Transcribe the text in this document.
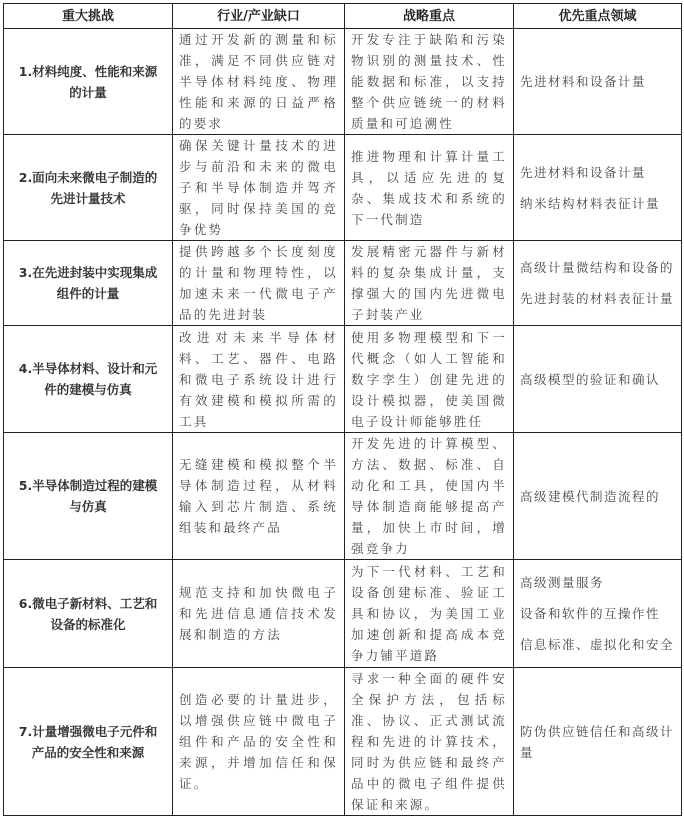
重大挑战	行业/产业缺口	战略重点	优先重点领域
1.材料纯度、性能和来源的计量	通过开发新的测量和标准，满足不同供应链对半导体材料纯度、物理性能和来源的日益严格的要求	开发专注于缺陷和污染物识别的测量技术、性能数据和标准，以支持整个供应链统一的材料质量和可追溯性	先进材料和设备计量

2.面向未来微电子制造的先进计量技术	确保关键计量技术的进步与前沿和未来的微电子和半导体制造并驾齐驱，同时保持美国的竞争优势	推进物理和计算计量工具，以适应先进的复杂、集成技术和系统的下一代制造	先进材料和设备计量
纳米结构材料表征计量

3.在先进封装中实现集成组件的计量	提供跨越多个长度刻度的计量和物理特性，以加速未来一代微电子产品的先进封装	发展精密元器件与新材料的复杂集成计量，支撑强大的国内先进微电子封装产业	高级计量微结构和设备的
先进封装的材料表征计量

4.半导体材料、设计和元件的建模与仿真	改进对未来半导体材料、工艺、器件、电路和微电子系统设计进行有效建模和模拟所需的工具	使用多物理模型和下一代概念（如人工智能和数字孪生）创建先进的设计模拟器，使美国微电子设计师能够胜任	高级模型的验证和确认

5.半导体制造过程的建模与仿真	无缝建模和模拟整个半导体制造过程，从材料输入到芯片制造、系统组装和最终产品	开发先进的计算模型、方法、数据、标准、自动化和工具，使国内半导体制造商能够提高产量，加快上市时间，增强竞争力	高级建模代制造流程的

6.微电子新材料、工艺和设备的标准化	规范支持和加快微电子和先进信息通信技术发展和制造的方法	为下一代材料、工艺和设备创建标准、验证工具和协议，为美国工业加速创新和提高成本竞争力铺平道路	高级测量服务
设备和软件的互操作性
信息标准、虚拟化和安全

7.计量增强微电子元件和产品的安全性和来源	创造必要的计量进步，以增强供应链中微电子组件和产品的安全性和来源，并增加信任和保证。	寻求一种全面的硬件安全保护方法，包括标准、协议、正式测试流程和先进的计算技术，同时为供应链和最终产品中的微电子组件提供保证和来源。	防伪供应链信任和高级计量
